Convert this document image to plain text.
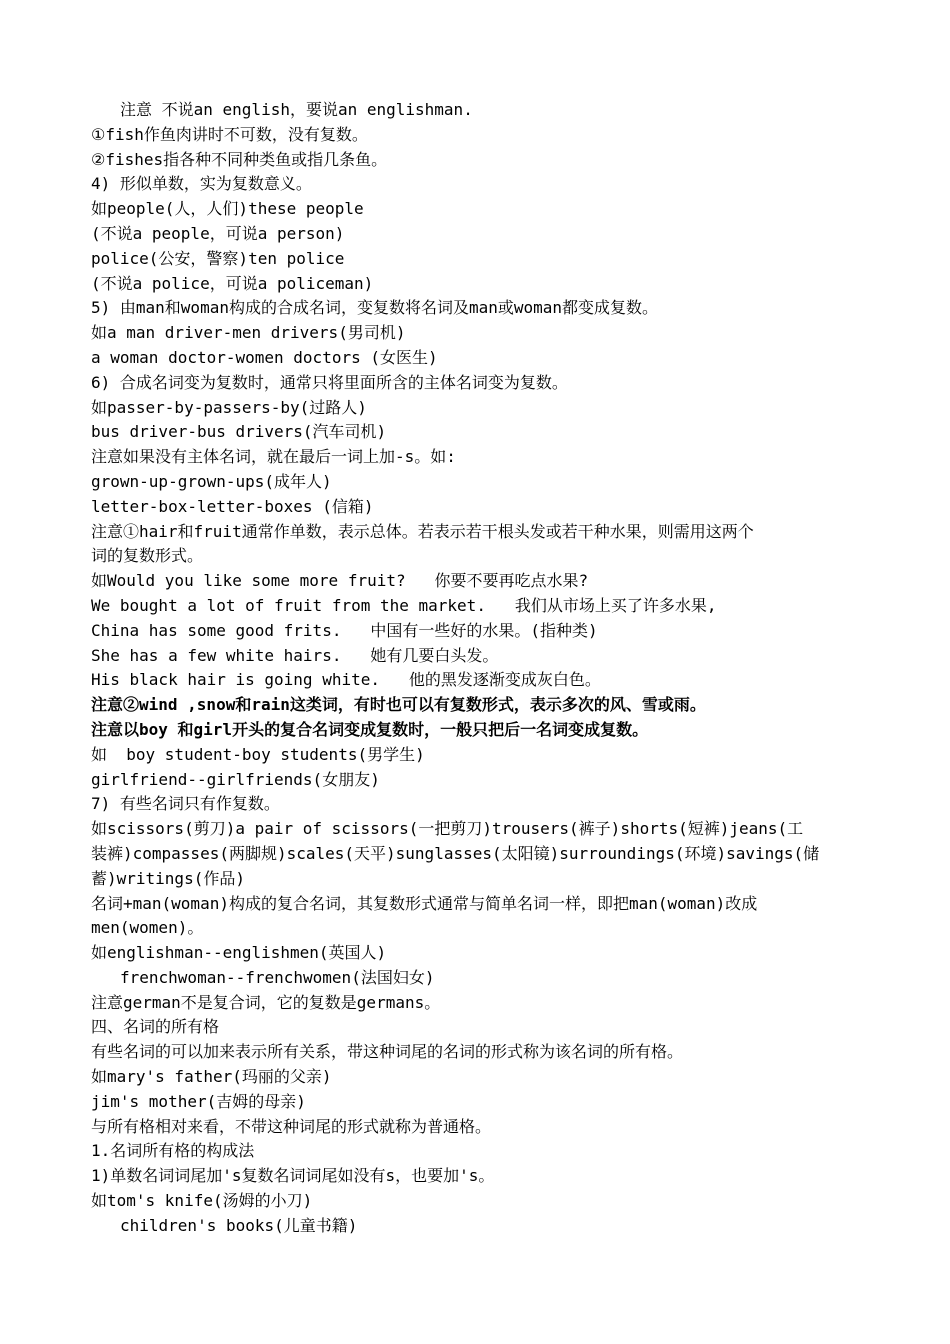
注意 不说an english，要说an englishman.
①fish作鱼肉讲时不可数，没有复数。
②fishes指各种不同种类鱼或指几条鱼。
4) 形似单数，实为复数意义。
如people(人，人们)these people
(不说a people，可说a person)
police(公安，警察)ten police
(不说a police，可说a policeman)
5) 由man和woman构成的合成名词，变复数将名词及man或woman都变成复数。
如a man driver-men drivers(男司机)
a woman doctor-women doctors (女医生)
6) 合成名词变为复数时，通常只将里面所含的主体名词变为复数。
如passer-by-passers-by(过路人)
bus driver-bus drivers(汽车司机)
注意如果没有主体名词，就在最后一词上加-s。如:
grown-up-grown-ups(成年人)
letter-box-letter-boxes (信箱)
注意①hair和fruit通常作单数，表示总体。若表示若干根头发或若干种水果，则需用这两个
词的复数形式。
如Would you like some more fruit?   你要不要再吃点水果?
We bought a lot of fruit from the market.   我们从市场上买了许多水果,
China has some good frits.   中国有一些好的水果。(指种类)
She has a few white hairs.   她有几要白头发。
His black hair is going white.   他的黑发逐渐变成灰白色。
注意②wind ,snow和rain这类词，有时也可以有复数形式，表示多次的风、雪或雨。
注意以boy 和girl开头的复合名词变成复数时，一般只把后一名词变成复数。
如  boy student-boy students(男学生)
girlfriend--girlfriends(女朋友)
7) 有些名词只有作复数。
如scissors(剪刀)a pair of scissors(一把剪刀)trousers(裤子)shorts(短裤)jeans(工
装裤)compasses(两脚规)scales(天平)sunglasses(太阳镜)surroundings(环境)savings(储
蓄)writings(作品)
名词+man(woman)构成的复合名词，其复数形式通常与简单名词一样，即把man(woman)改成
men(women)。
如englishman--englishmen(英国人)
frenchwoman--frenchwomen(法国妇女)
注意german不是复合词，它的复数是germans。
四、名词的所有格
有些名词的可以加来表示所有关系，带这种词尾的名词的形式称为该名词的所有格。
如mary's father(玛丽的父亲)
jim's mother(吉姆的母亲)
与所有格相对来看，不带这种词尾的形式就称为普通格。
1.名词所有格的构成法
1)单数名词词尾加's复数名词词尾如没有s，也要加's。
如tom's knife(汤姆的小刀)
children's books(儿童书籍)
